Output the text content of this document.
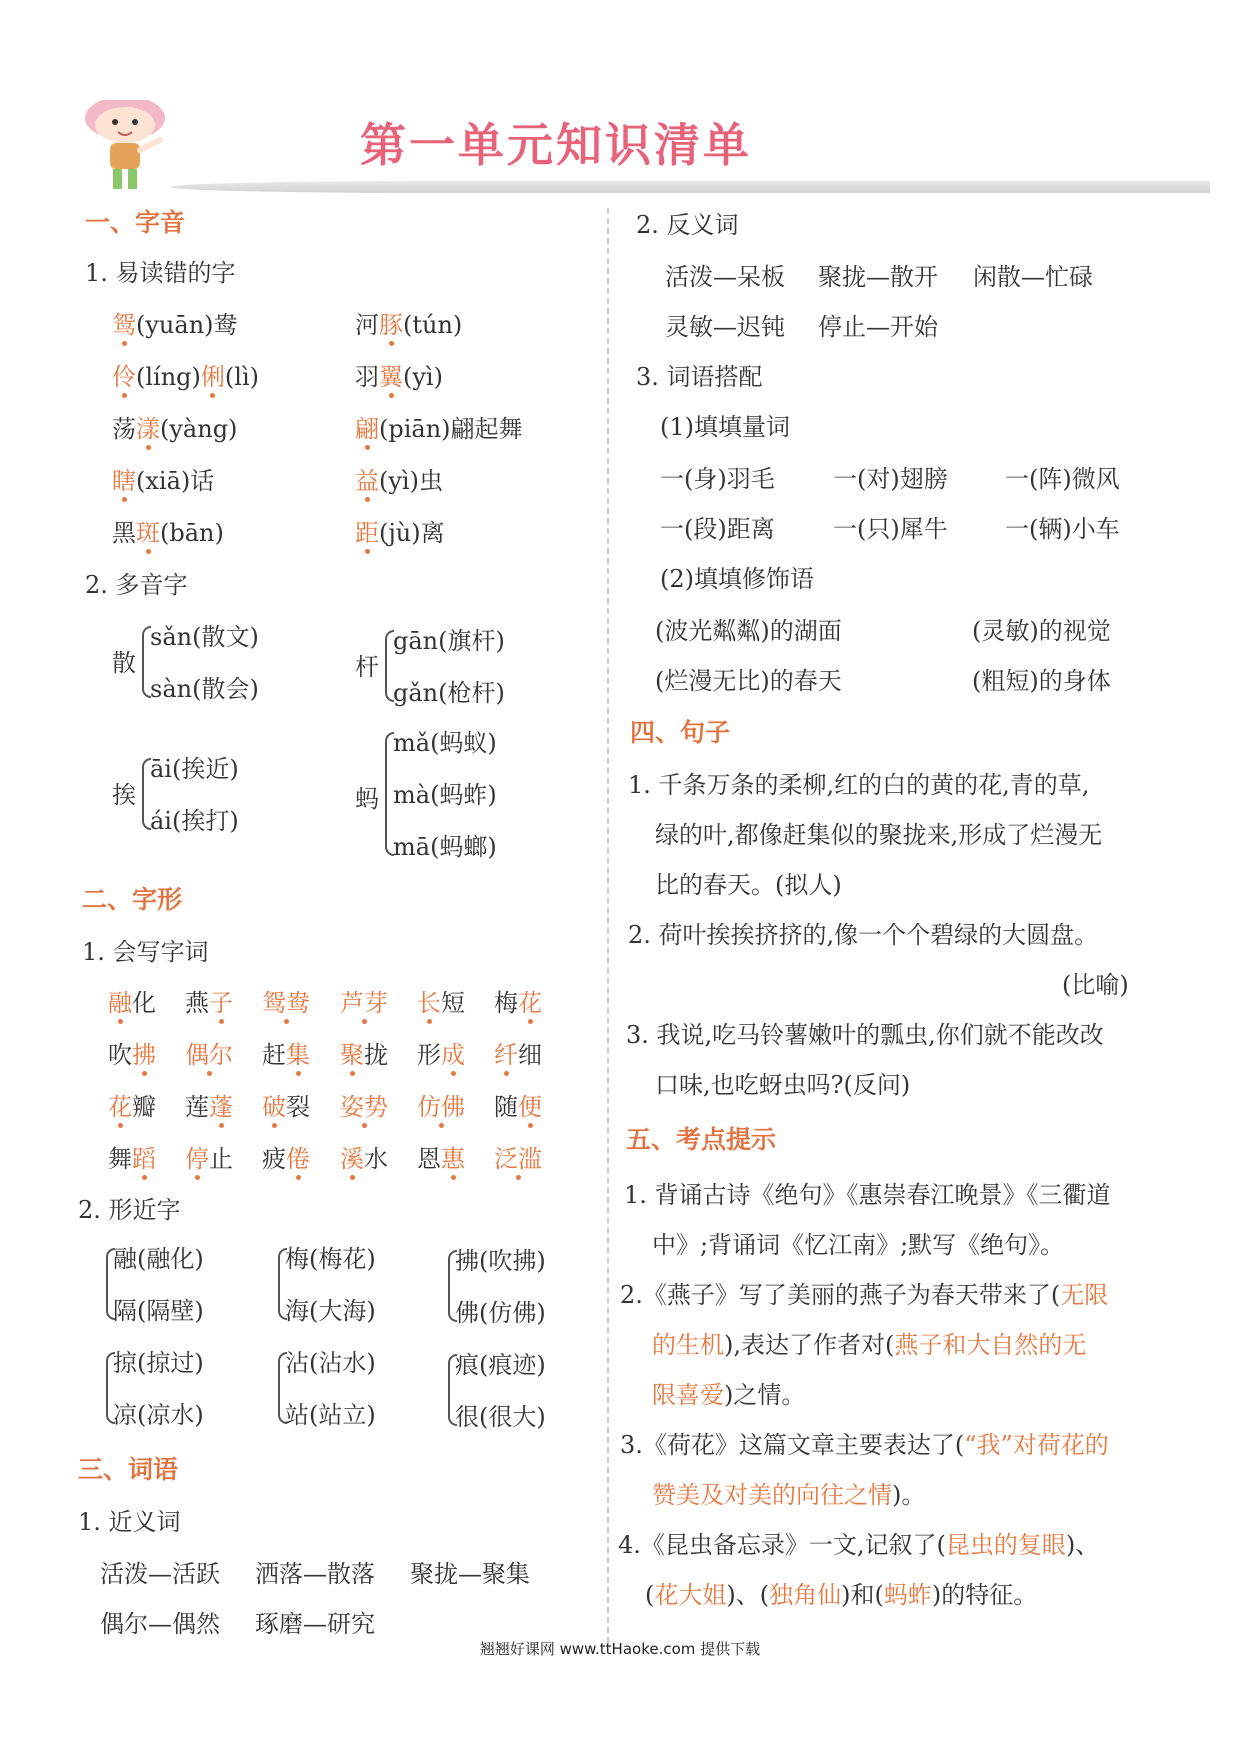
第一单元知识清单
一、字音
1. 易读错的字
鸳(yuān)鸯	河豚(tún)
伶(líng)俐(lì)	羽翼(yì)
荡漾(yàng)	翩(piān)翩起舞
瞎(xiā)话	益(yì)虫
黑斑(bān)	距(jù)离
2. 多音字
散
sǎn(散文)
sàn(散会)
杆
gān(旗杆)
gǎn(枪杆)
挨
āi(挨近)
ái(挨打)
蚂
mǎ(蚂蚁)
mà(蚂蚱)
mā(蚂螂)
二、字形
1. 会写字词
融化 燕子 鸳鸯 芦芽 长短 梅花
吹拂 偶尔 赶集 聚拢 形成 纤细
花瓣 莲蓬 破裂 姿势 仿佛 随便
舞蹈 停止 疲倦 溪水 恩惠 泛滥
2. 形近字
融(融化)
隔(隔壁)
梅(梅花)
海(大海)
拂(吹拂)
佛(仿佛)
掠(掠过)
凉(凉水)
沾(沾水)
站(站立)
痕(痕迹)
很(很大)
三、词语
1. 近义词
活泼—活跃 洒落—散落 聚拢—聚集
偶尔—偶然 琢磨—研究
2. 反义词
活泼—呆板 聚拢—散开 闲散—忙碌
灵敏—迟钝 停止—开始
3. 词语搭配
(1)填填量词
一(身)羽毛 一(对)翅膀 一(阵)微风
一(段)距离 一(只)犀牛 一(辆)小车
(2)填填修饰语
(波光粼粼)的湖面	(灵敏)的视觉
(烂漫无比)的春天	(粗短)的身体
四、句子
1. 千条万条的柔柳,红的白的黄的花,青的草,
绿的叶,都像赶集似的聚拢来,形成了烂漫无
比的春天。(拟人)
2. 荷叶挨挨挤挤的,像一个个碧绿的大圆盘。
(比喻)
3. 我说,吃马铃薯嫩叶的瓢虫,你们就不能改改
口味,也吃蚜虫吗?(反问)
五、考点提示
1. 背诵古诗《绝句》《惠崇春江晚景》《三衢道
中》;背诵词《忆江南》;默写《绝句》。
2.《燕子》写了美丽的燕子为春天带来了(无限
的生机),表达了作者对(燕子和大自然的无
限喜爱)之情。
3.《荷花》这篇文章主要表达了(“我”对荷花的
赞美及对美的向往之情)。
4.《昆虫备忘录》一文,记叙了(昆虫的复眼)、
(花大姐)、(独角仙)和(蚂蚱)的特征。
翘翘好课网 www.ttHaoke.com 提供下载
